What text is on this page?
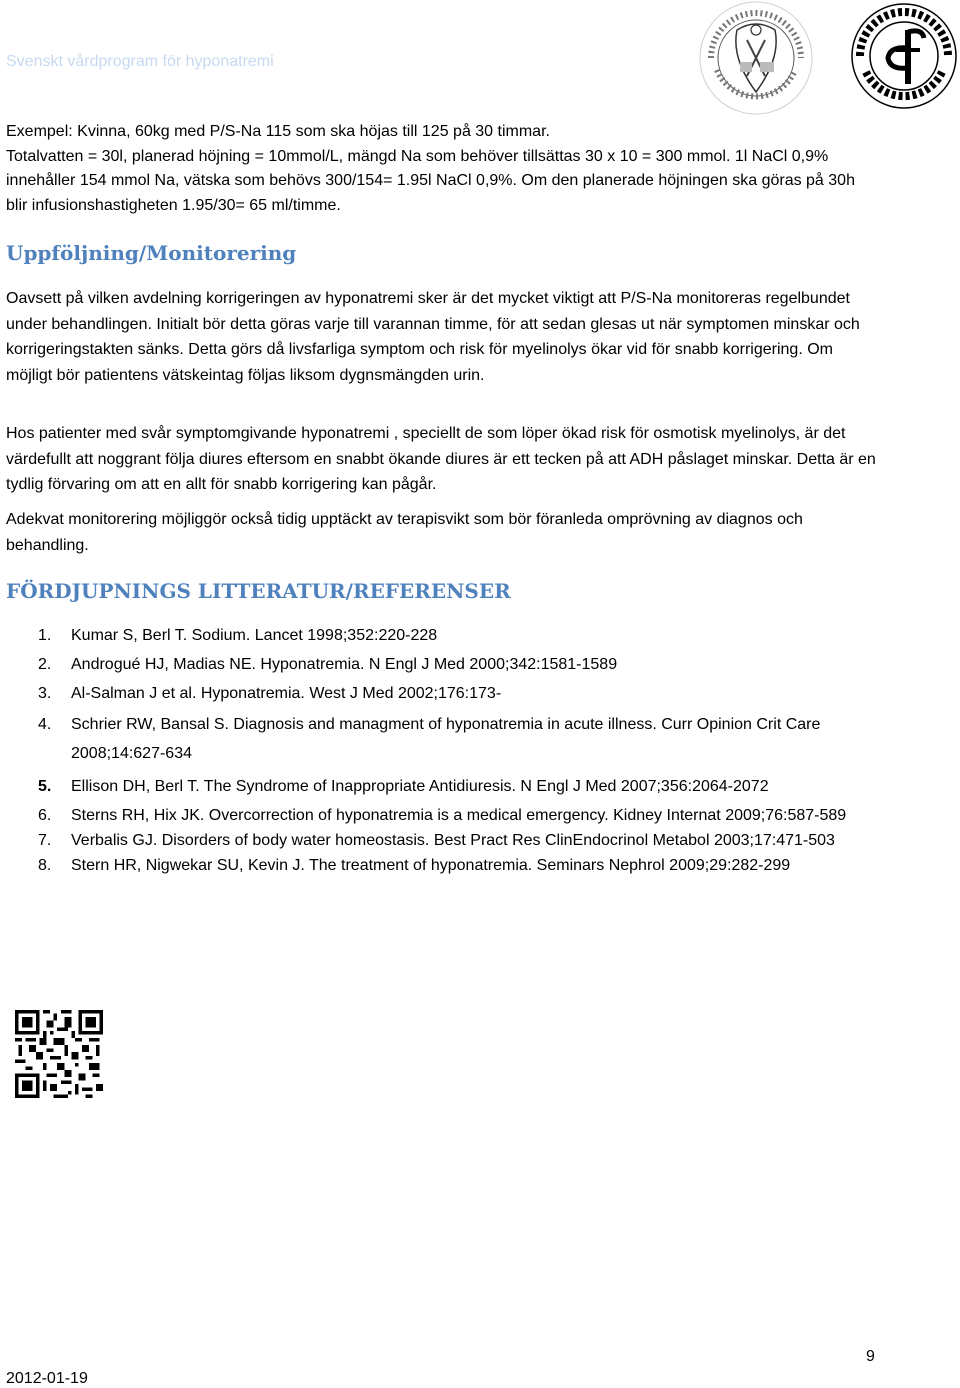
Svenskt vårdprogram för hyponatremi

Exempel: Kvinna, 60kg med P/S-Na 115 som ska höjas till 125 på 30 timmar.
Totalvatten = 30l, planerad höjning = 10mmol/L, mängd Na som behöver tillsättas 30 x 10 = 300 mmol. 1l NaCl 0,9% innehåller 154 mmol Na, vätska som behövs 300/154= 1.95l NaCl 0,9%. Om den planerade höjningen ska göras på 30h blir infusionshastigheten 1.95/30= 65 ml/timme.

Uppföljning/Monitorering

Oavsett på vilken avdelning korrigeringen av hyponatremi sker är det mycket viktigt att P/S-Na monitoreras regelbundet under behandlingen. Initialt bör detta göras varje till varannan timme, för att sedan glesas ut när symptomen minskar och korrigeringstakten sänks. Detta görs då livsfarliga symptom och risk för myelinolys ökar vid för snabb korrigering. Om möjligt bör patientens vätskeintag följas liksom dygnsmängden urin.

Hos patienter med svår symptomgivande hyponatremi , speciellt de som löper ökad risk för osmotisk myelinolys, är det värdefullt att noggrant följa diures eftersom en snabbt ökande diures är ett tecken på att ADH påslaget minskar. Detta är en tydlig förvaring om att en allt för snabb korrigering kan pågår.

Adekvat monitorering möjliggör också tidig upptäckt av terapisvikt som bör föranleda omprövning av diagnos och behandling.

FÖRDJUPNINGS LITTERATUR/REFERENSER
1. Kumar S, Berl T. Sodium. Lancet 1998;352:220-228
2. Androgué HJ, Madias NE. Hyponatremia. N Engl J Med 2000;342:1581-1589
3. Al-Salman J et al. Hyponatremia. West J Med 2002;176:173-
4. Schrier RW, Bansal S. Diagnosis and managment of hyponatremia in acute illness. Curr Opinion Crit Care 2008;14:627-634
5. Ellison DH, Berl T. The Syndrome of Inappropriate Antidiuresis. N Engl J Med 2007;356:2064-2072
6. Sterns RH, Hix JK. Overcorrection of hyponatremia is a medical emergency. Kidney Internat 2009;76:587-589
7. Verbalis GJ. Disorders of body water homeostasis. Best Pract Res ClinEndocrinol Metabol 2003;17:471-503
8. Stern HR, Nigwekar SU, Kevin J. The treatment of hyponatremia. Seminars Nephrol 2009;29:282-299
9
2012-01-19
